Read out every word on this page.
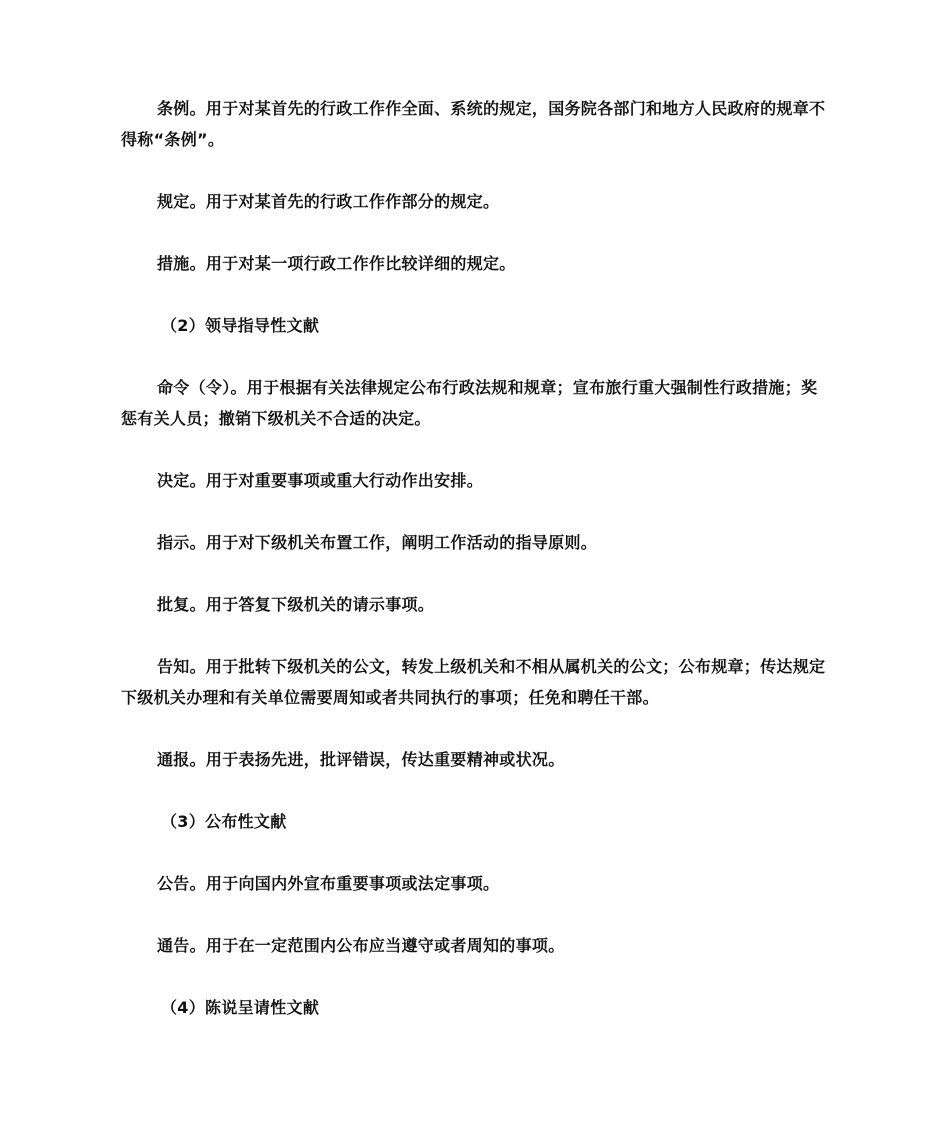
条例。用于对某首先的行政工作作全面、系统的规定，国务院各部门和地方人民政府的规章不得称“条例”。

规定。用于对某首先的行政工作作部分的规定。

措施。用于对某一项行政工作作比较详细的规定。

（2）领导指导性文献

命令（令）。用于根据有关法律规定公布行政法规和规章；宣布旅行重大强制性行政措施；奖惩有关人员；撤销下级机关不合适的决定。

决定。用于对重要事项或重大行动作出安排。

指示。用于对下级机关布置工作，阐明工作活动的指导原则。

批复。用于答复下级机关的请示事项。

告知。用于批转下级机关的公文，转发上级机关和不相从属机关的公文；公布规章；传达规定下级机关办理和有关单位需要周知或者共同执行的事项；任免和聘任干部。

通报。用于表扬先进，批评错误，传达重要精神或状况。

（3）公布性文献

公告。用于向国内外宣布重要事项或法定事项。

通告。用于在一定范围内公布应当遵守或者周知的事项。

（4）陈说呈请性文献
